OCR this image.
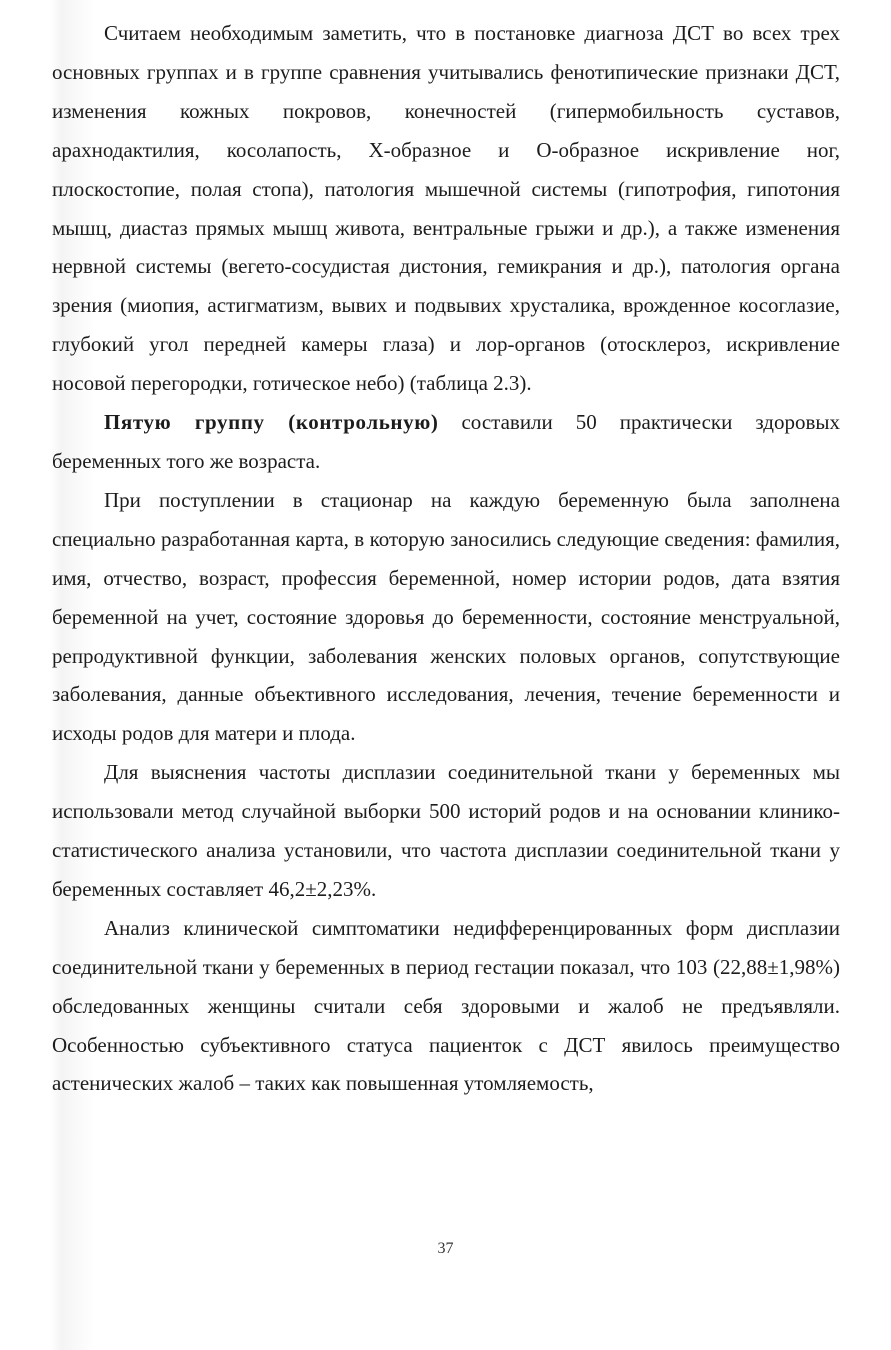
Считаем необходимым заметить, что в постановке диагноза ДСТ во всех трех основных группах и в группе сравнения учитывались фенотипические признаки ДСТ, изменения кожных покровов, конечностей (гипермобильность суставов, арахнодактилия, косолапость, Х-образное и О-образное искривление ног, плоскостопие, полая стопа), патология мышечной системы (гипотрофия, гипотония мышц, диастаз прямых мышц живота, вентральные грыжи и др.), а также изменения нервной системы (вегето-сосудистая дистония, гемикрания и др.), патология органа зрения (миопия, астигматизм, вывих и подвывих хрусталика, врожденное косоглазие, глубокий угол передней камеры глаза) и лор-органов (отосклероз, искривление носовой перегородки, готическое небо) (таблица 2.3).

Пятую группу (контрольную) составили 50 практически здоровых беременных того же возраста.

При поступлении в стационар на каждую беременную была заполнена специально разработанная карта, в которую заносились следующие сведения: фамилия, имя, отчество, возраст, профессия беременной, номер истории родов, дата взятия беременной на учет, состояние здоровья до беременности, состояние менструальной, репродуктивной функции, заболевания женских половых органов, сопутствующие заболевания, данные объективного исследования, лечения, течение беременности и исходы родов для матери и плода.

Для выяснения частоты дисплазии соединительной ткани у беременных мы использовали метод случайной выборки 500 историй родов и на основании клинико-статистического анализа установили, что частота дисплазии соединительной ткани у беременных составляет 46,2±2,23%.

Анализ клинической симптоматики недифференцированных форм дисплазии соединительной ткани у беременных в период гестации показал, что 103 (22,88±1,98%) обследованных женщины считали себя здоровыми и жалоб не предъявляли. Особенностью субъективного статуса пациенток с ДСТ явилось преимущество астенических жалоб – таких как повышенная утомляемость,

37
